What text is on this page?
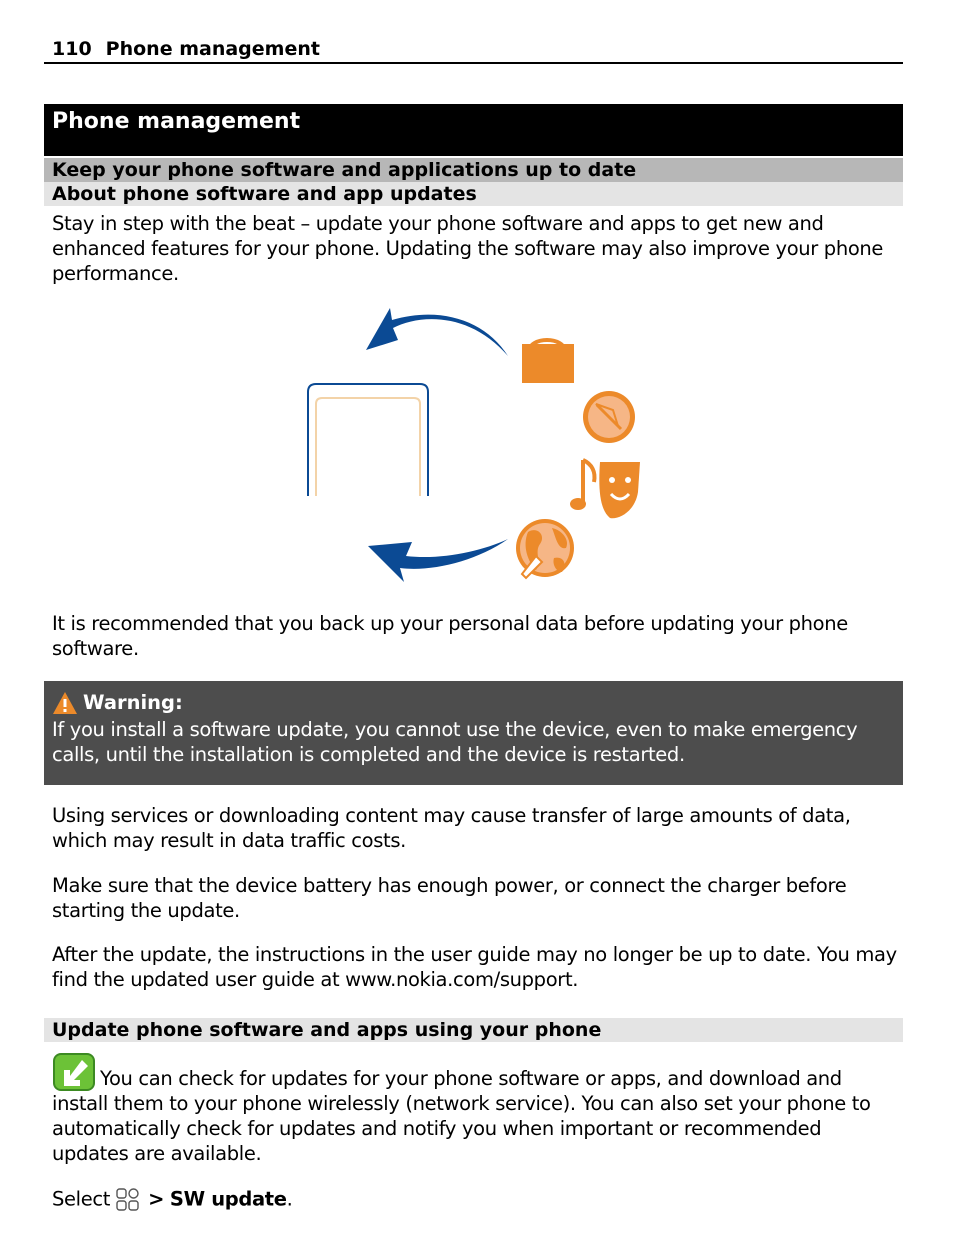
110 Phone management
Phone management
Keep your phone software and applications up to date
About phone software and app updates

Stay in step with the beat – update your phone software and apps to get new and enhanced features for your phone. Updating the software may also improve your phone performance.

It is recommended that you back up your personal data before updating your phone software.

Warning:

If you install a software update, you cannot use the device, even to make emergency calls, until the installation is completed and the device is restarted.

Using services or downloading content may cause transfer of large amounts of data, which may result in data traffic costs.

Make sure that the device battery has enough power, or connect the charger before starting the update.

After the update, the instructions in the user guide may no longer be up to date. You may find the updated user guide at www.nokia.com/support.

Update phone software and apps using your phone

You can check for updates for your phone software or apps, and download and install them to your phone wirelessly (network service). You can also set your phone to automatically check for updates and notify you when important or recommended updates are available.

Select > SW update.
